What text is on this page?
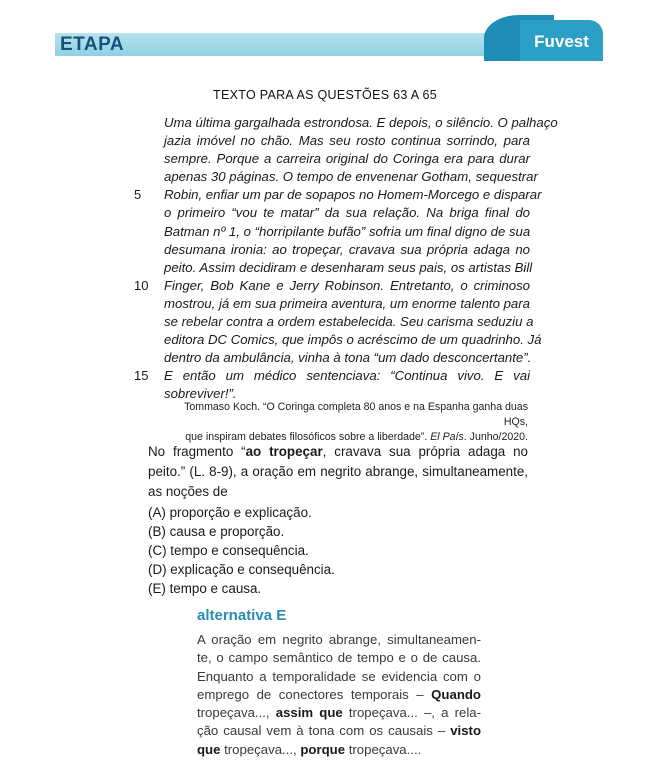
ETAPA	Fuvest
TEXTO PARA AS QUESTÕES 63 A 65
Uma última gargalhada estrondosa. E depois, o silêncio. O palhaço
jazia imóvel no chão. Mas seu rosto continua sorrindo, para
sempre. Porque a carreira original do Coringa era para durar
apenas 30 páginas. O tempo de envenenar Gotham, sequestrar
5 Robin, enfiar um par de sopapos no Homem-Morcego e disparar
o primeiro “vou te matar” da sua relação. Na briga final do
Batman nº 1, o “horripilante bufão” sofria um final digno de sua
desumana ironia: ao tropeçar, cravava sua própria adaga no
peito. Assim decidiram e desenharam seus pais, os artistas Bill
10 Finger, Bob Kane e Jerry Robinson. Entretanto, o criminoso
mostrou, já em sua primeira aventura, um enorme talento para
se rebelar contra a ordem estabelecida. Seu carisma seduziu a
editora DC Comics, que impôs o acréscimo de um quadrinho. Já
dentro da ambulância, vinha à tona “um dado desconcertante”.
15 E então um médico sentenciava: “Continua vivo. E vai
sobreviver!”.
Tommaso Koch. “O Coringa completa 80 anos e na Espanha ganha duas HQs,
que inspiram debates filosóficos sobre a liberdade”. El País. Junho/2020.
No fragmento “ao tropeçar, cravava sua própria adaga no
peito.” (L. 8-9), a oração em negrito abrange, simultaneamente,
as noções de
(A) proporção e explicação.
(B) causa e proporção.
(C) tempo e consequência.
(D) explicação e consequência.
(E) tempo e causa.
alternativa E
A oração em negrito abrange, simultaneamen-
te, o campo semântico de tempo e o de causa.
Enquanto a temporalidade se evidencia com o
emprego de conectores temporais – Quando
tropeçava..., assim que tropeçava... –, a rela-
ção causal vem à tona com os causais – visto
que tropeçava..., porque tropeçava....
